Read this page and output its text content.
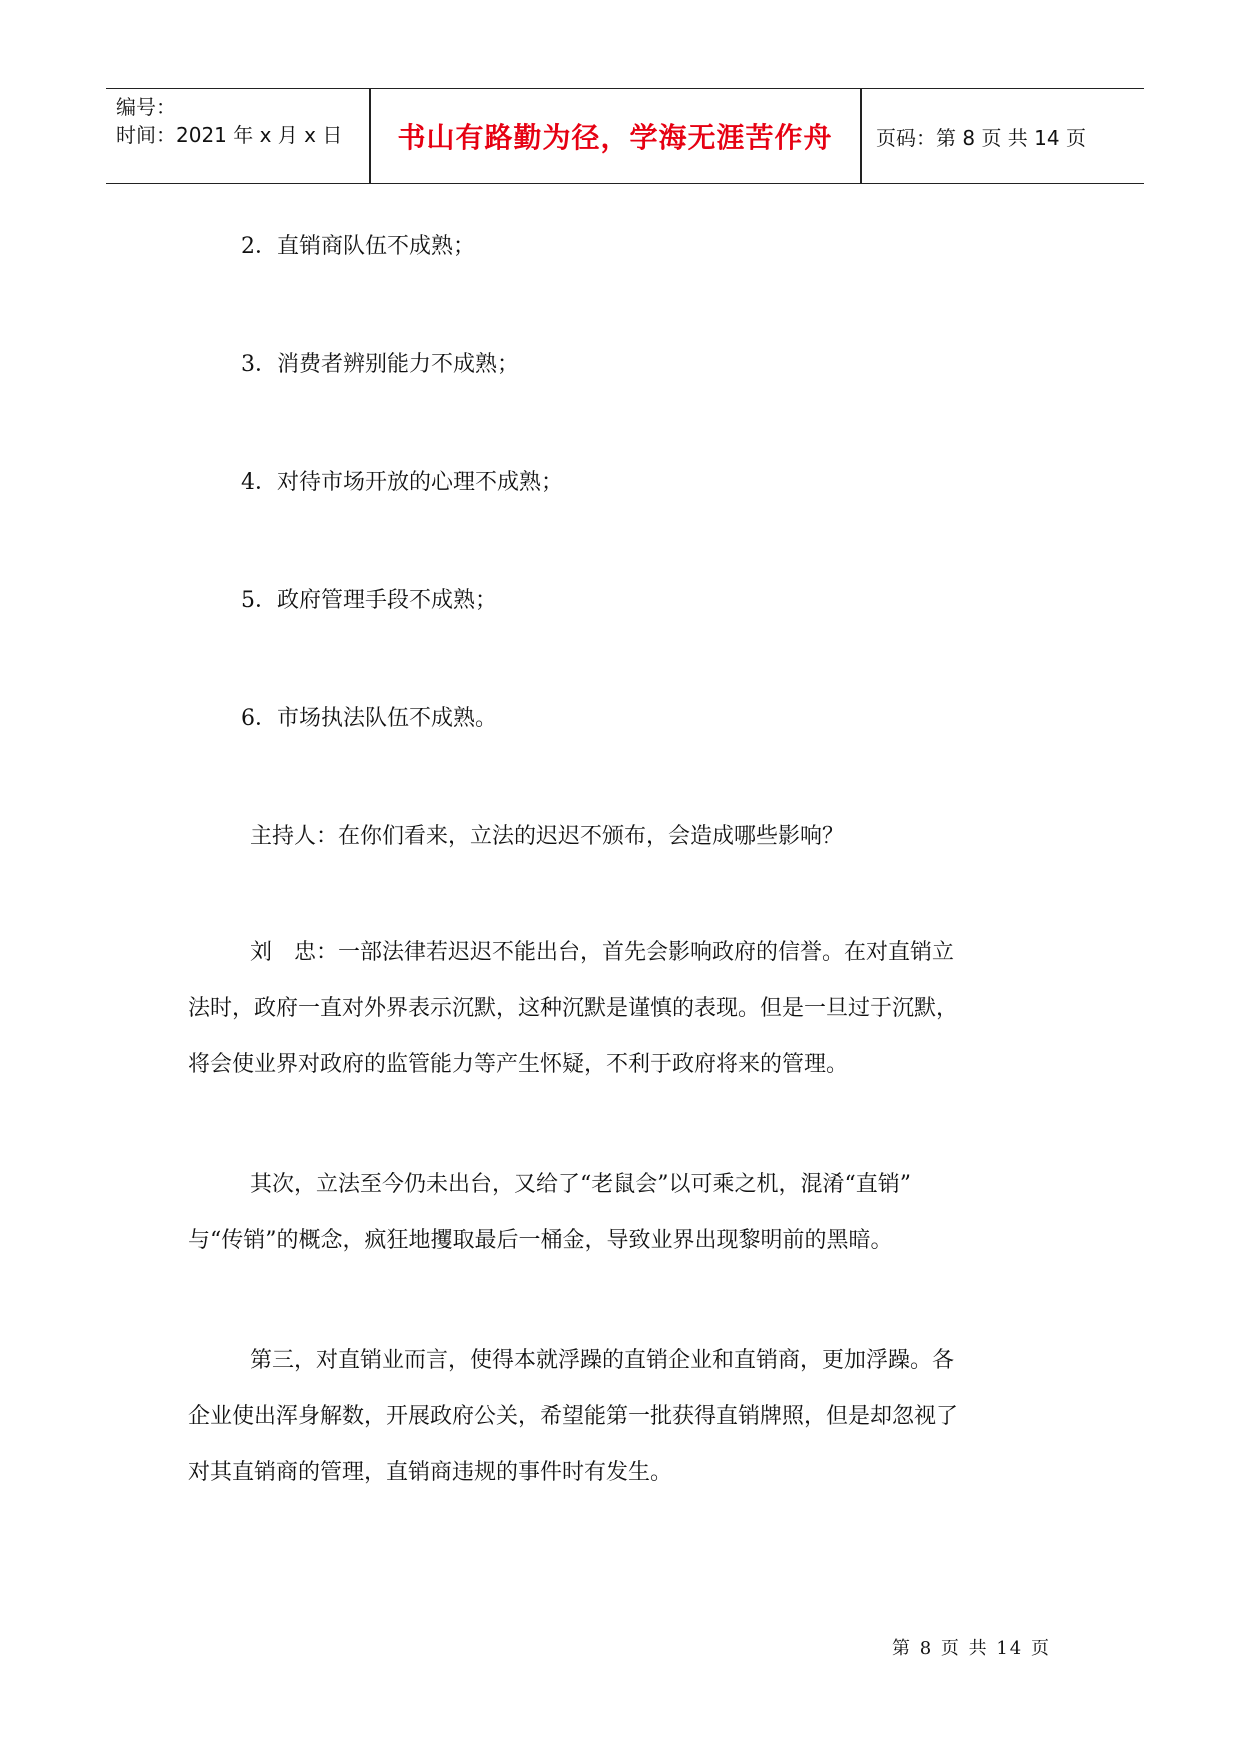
编号：
时间：2021 年 x 月 x 日	书山有路勤为径，学海无涯苦作舟	页码：第 8 页 共 14 页
2．直销商队伍不成熟；
3．消费者辨别能力不成熟；
4．对待市场开放的心理不成熟；
5．政府管理手段不成熟；
6．市场执法队伍不成熟。
主持人：在你们看来，立法的迟迟不颁布，会造成哪些影响？
刘　忠：一部法律若迟迟不能出台，首先会影响政府的信誉。在对直销立
法时，政府一直对外界表示沉默，这种沉默是谨慎的表现。但是一旦过于沉默，
将会使业界对政府的监管能力等产生怀疑，不利于政府将来的管理。
其次，立法至今仍未出台，又给了“老鼠会”以可乘之机，混淆“直销”
与“传销”的概念，疯狂地攫取最后一桶金，导致业界出现黎明前的黑暗。
第三，对直销业而言，使得本就浮躁的直销企业和直销商，更加浮躁。各
企业使出浑身解数，开展政府公关，希望能第一批获得直销牌照，但是却忽视了
对其直销商的管理，直销商违规的事件时有发生。
第 8 页 共 14 页
